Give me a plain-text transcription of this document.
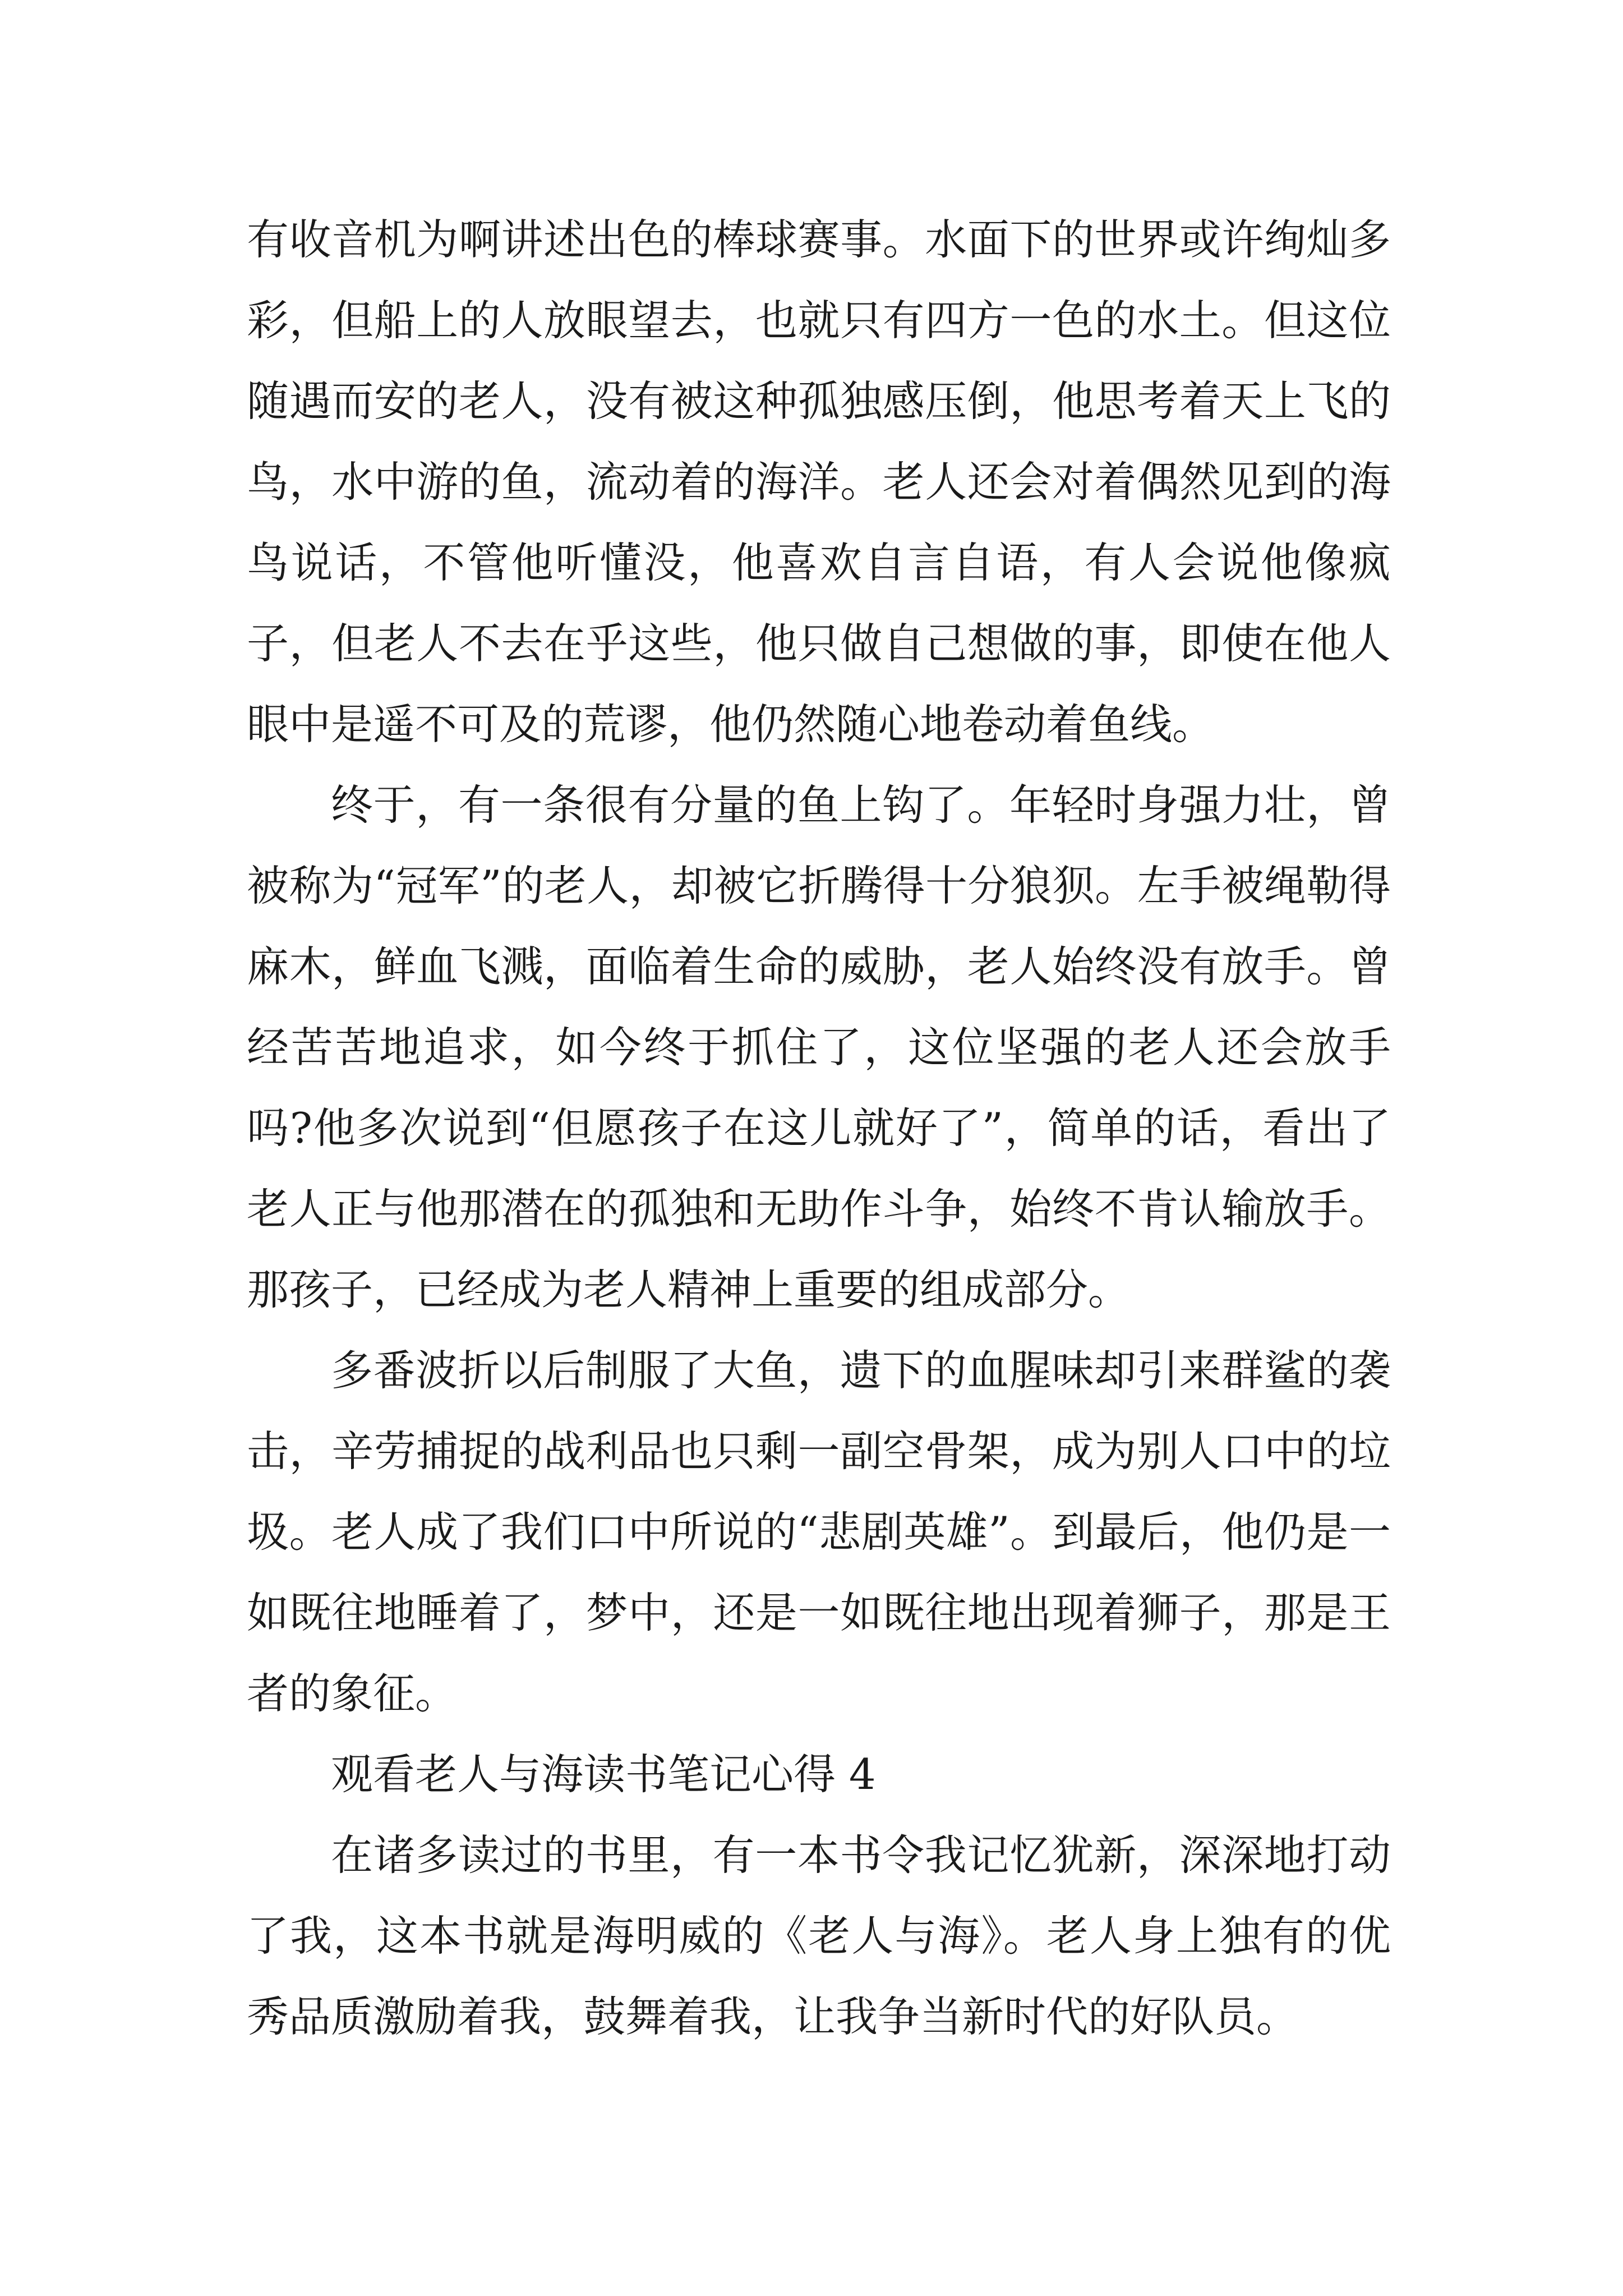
有收音机为啊讲述出色的棒球赛事。水面下的世界或许绚灿多彩，但船上的人放眼望去，也就只有四方一色的水土。但这位随遇而安的老人，没有被这种孤独感压倒，他思考着天上飞的鸟，水中游的鱼，流动着的海洋。老人还会对着偶然见到的海鸟说话，不管他听懂没，他喜欢自言自语，有人会说他像疯子，但老人不去在乎这些，他只做自己想做的事，即使在他人眼中是遥不可及的荒谬，他仍然随心地卷动着鱼线。

终于，有一条很有分量的鱼上钩了。年轻时身强力壮，曾被称为“冠军”的老人，却被它折腾得十分狼狈。左手被绳勒得麻木，鲜血飞溅，面临着生命的威胁，老人始终没有放手。曾经苦苦地追求，如今终于抓住了，这位坚强的老人还会放手吗?他多次说到“但愿孩子在这儿就好了”，简单的话，看出了老人正与他那潜在的孤独和无助作斗争，始终不肯认输放手。那孩子，已经成为老人精神上重要的组成部分。

多番波折以后制服了大鱼，遗下的血腥味却引来群鲨的袭击，辛劳捕捉的战利品也只剩一副空骨架，成为别人口中的垃圾。老人成了我们口中所说的“悲剧英雄”。到最后，他仍是一如既往地睡着了，梦中，还是一如既往地出现着狮子，那是王者的象征。

观看老人与海读书笔记心得 4

在诸多读过的书里，有一本书令我记忆犹新，深深地打动了我，这本书就是海明威的《老人与海》。老人身上独有的优秀品质激励着我，鼓舞着我，让我争当新时代的好队员。
